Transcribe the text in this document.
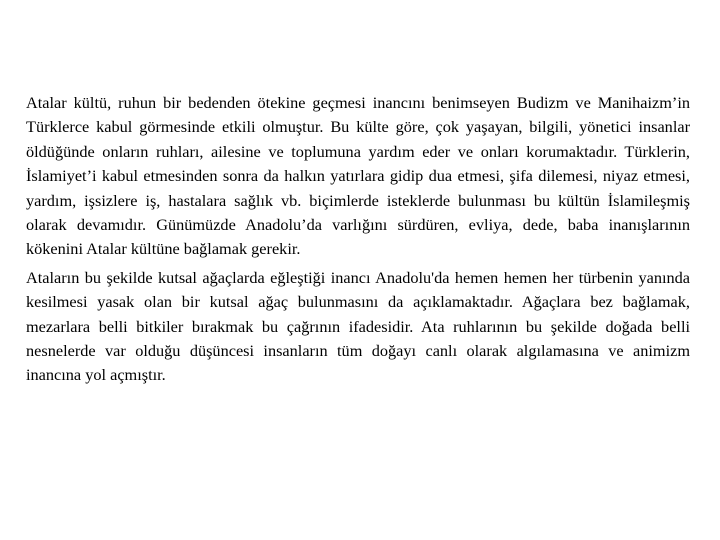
Atalar kültü, ruhun bir bedenden ötekine geçmesi inancını benimseyen Budizm ve Manihaizm’in Türklerce kabul görmesinde etkili olmuştur. Bu külte göre, çok yaşayan, bilgili, yönetici insanlar öldüğünde onların ruhları, ailesine ve toplumuna yardım eder ve onları korumaktadır. Türklerin, İslamiyet’i kabul etmesinden sonra da halkın yatırlara gidip dua etmesi, şifa dilemesi, niyaz etmesi, yardım, işsizlere iş, hastalara sağlık vb. biçimlerde isteklerde bulunması bu kültün İslamileşmiş olarak devamıdır. Günümüzde Anadolu’da varlığını sürdüren, evliya, dede, baba inanışlarının kökenini Atalar kültüne bağlamak gerekir.

Ataların bu şekilde kutsal ağaçlarda eğleştiği inancı Anadolu'da hemen hemen her türbenin yanında kesilmesi yasak olan bir kutsal ağaç bulunmasını da açıklamaktadır. Ağaçlara bez bağlamak, mezarlara belli bitkiler bırakmak bu çağrının ifadesidir. Ata ruhlarının bu şekilde doğada belli nesnelerde var olduğu düşüncesi insanların tüm doğayı canlı olarak algılamasına ve animizm inancına yol açmıştır.
